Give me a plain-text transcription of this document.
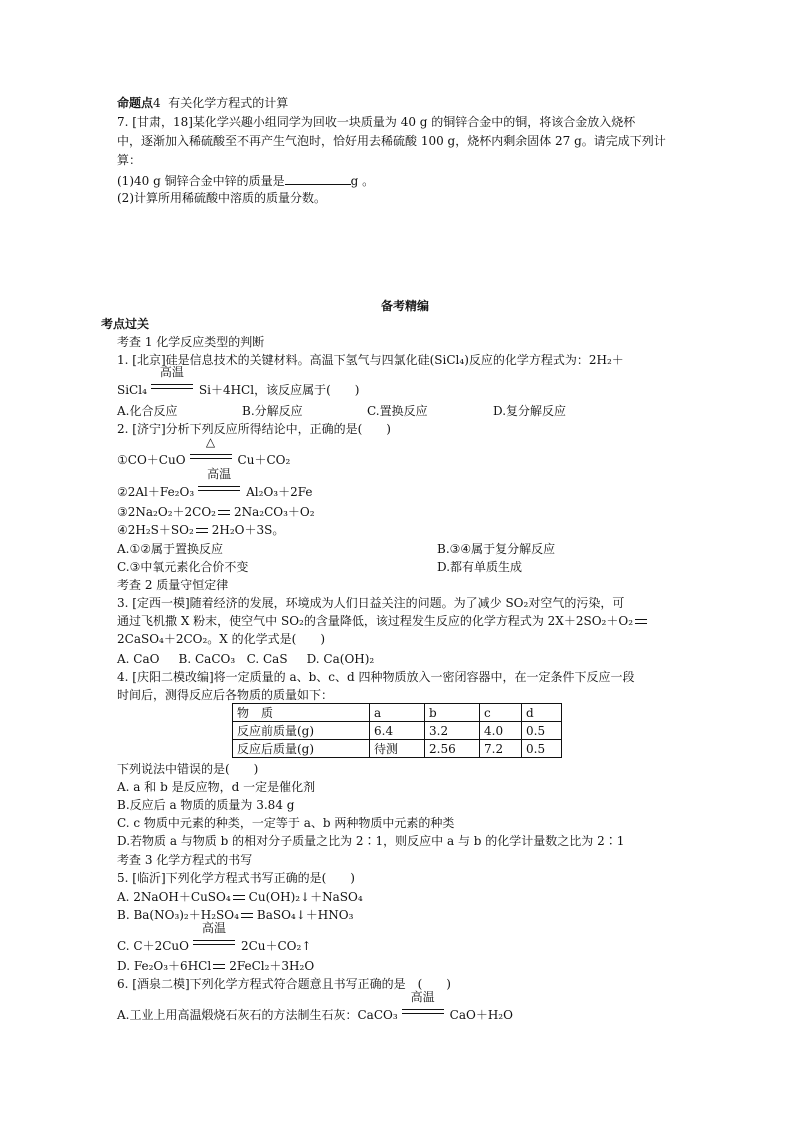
命题点4 有关化学方程式的计算
7. [甘肃，18]某化学兴趣小组同学为回收一块质量为 40 g 的铜锌合金中的铜，将该合金放入烧杯
中，逐渐加入稀硫酸至不再产生气泡时，恰好用去稀硫酸 100 g，烧杯内剩余固体 27 g。请完成下列计
算：
(1)40 g 铜锌合金中锌的质量是	g 。
(2)计算所用稀硫酸中溶质的质量分数。
备考精编
考点过关
考查 1 化学反应类型的判断
1. [北京]硅是信息技术的关键材料。高温下氢气与四氯化硅(SiCl₄)反应的化学方程式为：2H₂＋
SiCl₄
高温
Si＋4HCl，该反应属于(　　)
A.化合反应	B.分解反应	C.置换反应	D.复分解反应
2. [济宁]分析下列反应所得结论中，正确的是(　　)
①CO＋CuO
△
Cu＋CO₂
②2Al＋Fe₂O₃
高温
Al₂O₃＋2Fe
③2Na₂O₂＋2CO₂ 2Na₂CO₃＋O₂
④2H₂S＋SO₂ 2H₂O＋3S。
A.①②属于置换反应	B.③④属于复分解反应
C.③中氧元素化合价不变	D.都有单质生成
考查 2 质量守恒定律
3. [定西一模]随着经济的发展，环境成为人们日益关注的问题。为了减少 SO₂对空气的污染，可
通过飞机撒 X 粉末，使空气中 SO₂的含量降低，该过程发生反应的化学方程式为 2X＋2SO₂＋O₂
2CaSO₄＋2CO₂。X 的化学式是(　　)
A. CaO     B. CaCO₃   C. CaS     D. Ca(OH)₂
4. [庆阳二模改编]将一定质量的 a、b、c、d 四种物质放入一密闭容器中，在一定条件下反应一段
时间后，测得反应后各物质的质量如下：
物　质	a	b	c	d
反应前质量(g)	6.4	3.2	4.0	0.5
反应后质量(g)	待测	2.56	7.2	0.5
下列说法中错误的是(　　)
A. a 和 b 是反应物，d 一定是催化剂
B.反应后 a 物质的质量为 3.84 g
C. c 物质中元素的种类，一定等于 a、b 两种物质中元素的种类
D.若物质 a 与物质 b 的相对分子质量之比为 2∶1，则反应中 a 与 b 的化学计量数之比为 2∶1
考查 3 化学方程式的书写
5. [临沂]下列化学方程式书写正确的是(　　)
A. 2NaOH＋CuSO₄ Cu(OH)₂↓＋NaSO₄
B. Ba(NO₃)₂＋H₂SO₄ BaSO₄↓＋HNO₃
C. C＋2CuO
高温
2Cu＋CO₂↑
D. Fe₂O₃＋6HCl 2FeCl₂＋3H₂O
6. [酒泉二模]下列化学方程式符合题意且书写正确的是　(　　)
A.工业上用高温煅烧石灰石的方法制生石灰：CaCO₃
高温
CaO＋H₂O
